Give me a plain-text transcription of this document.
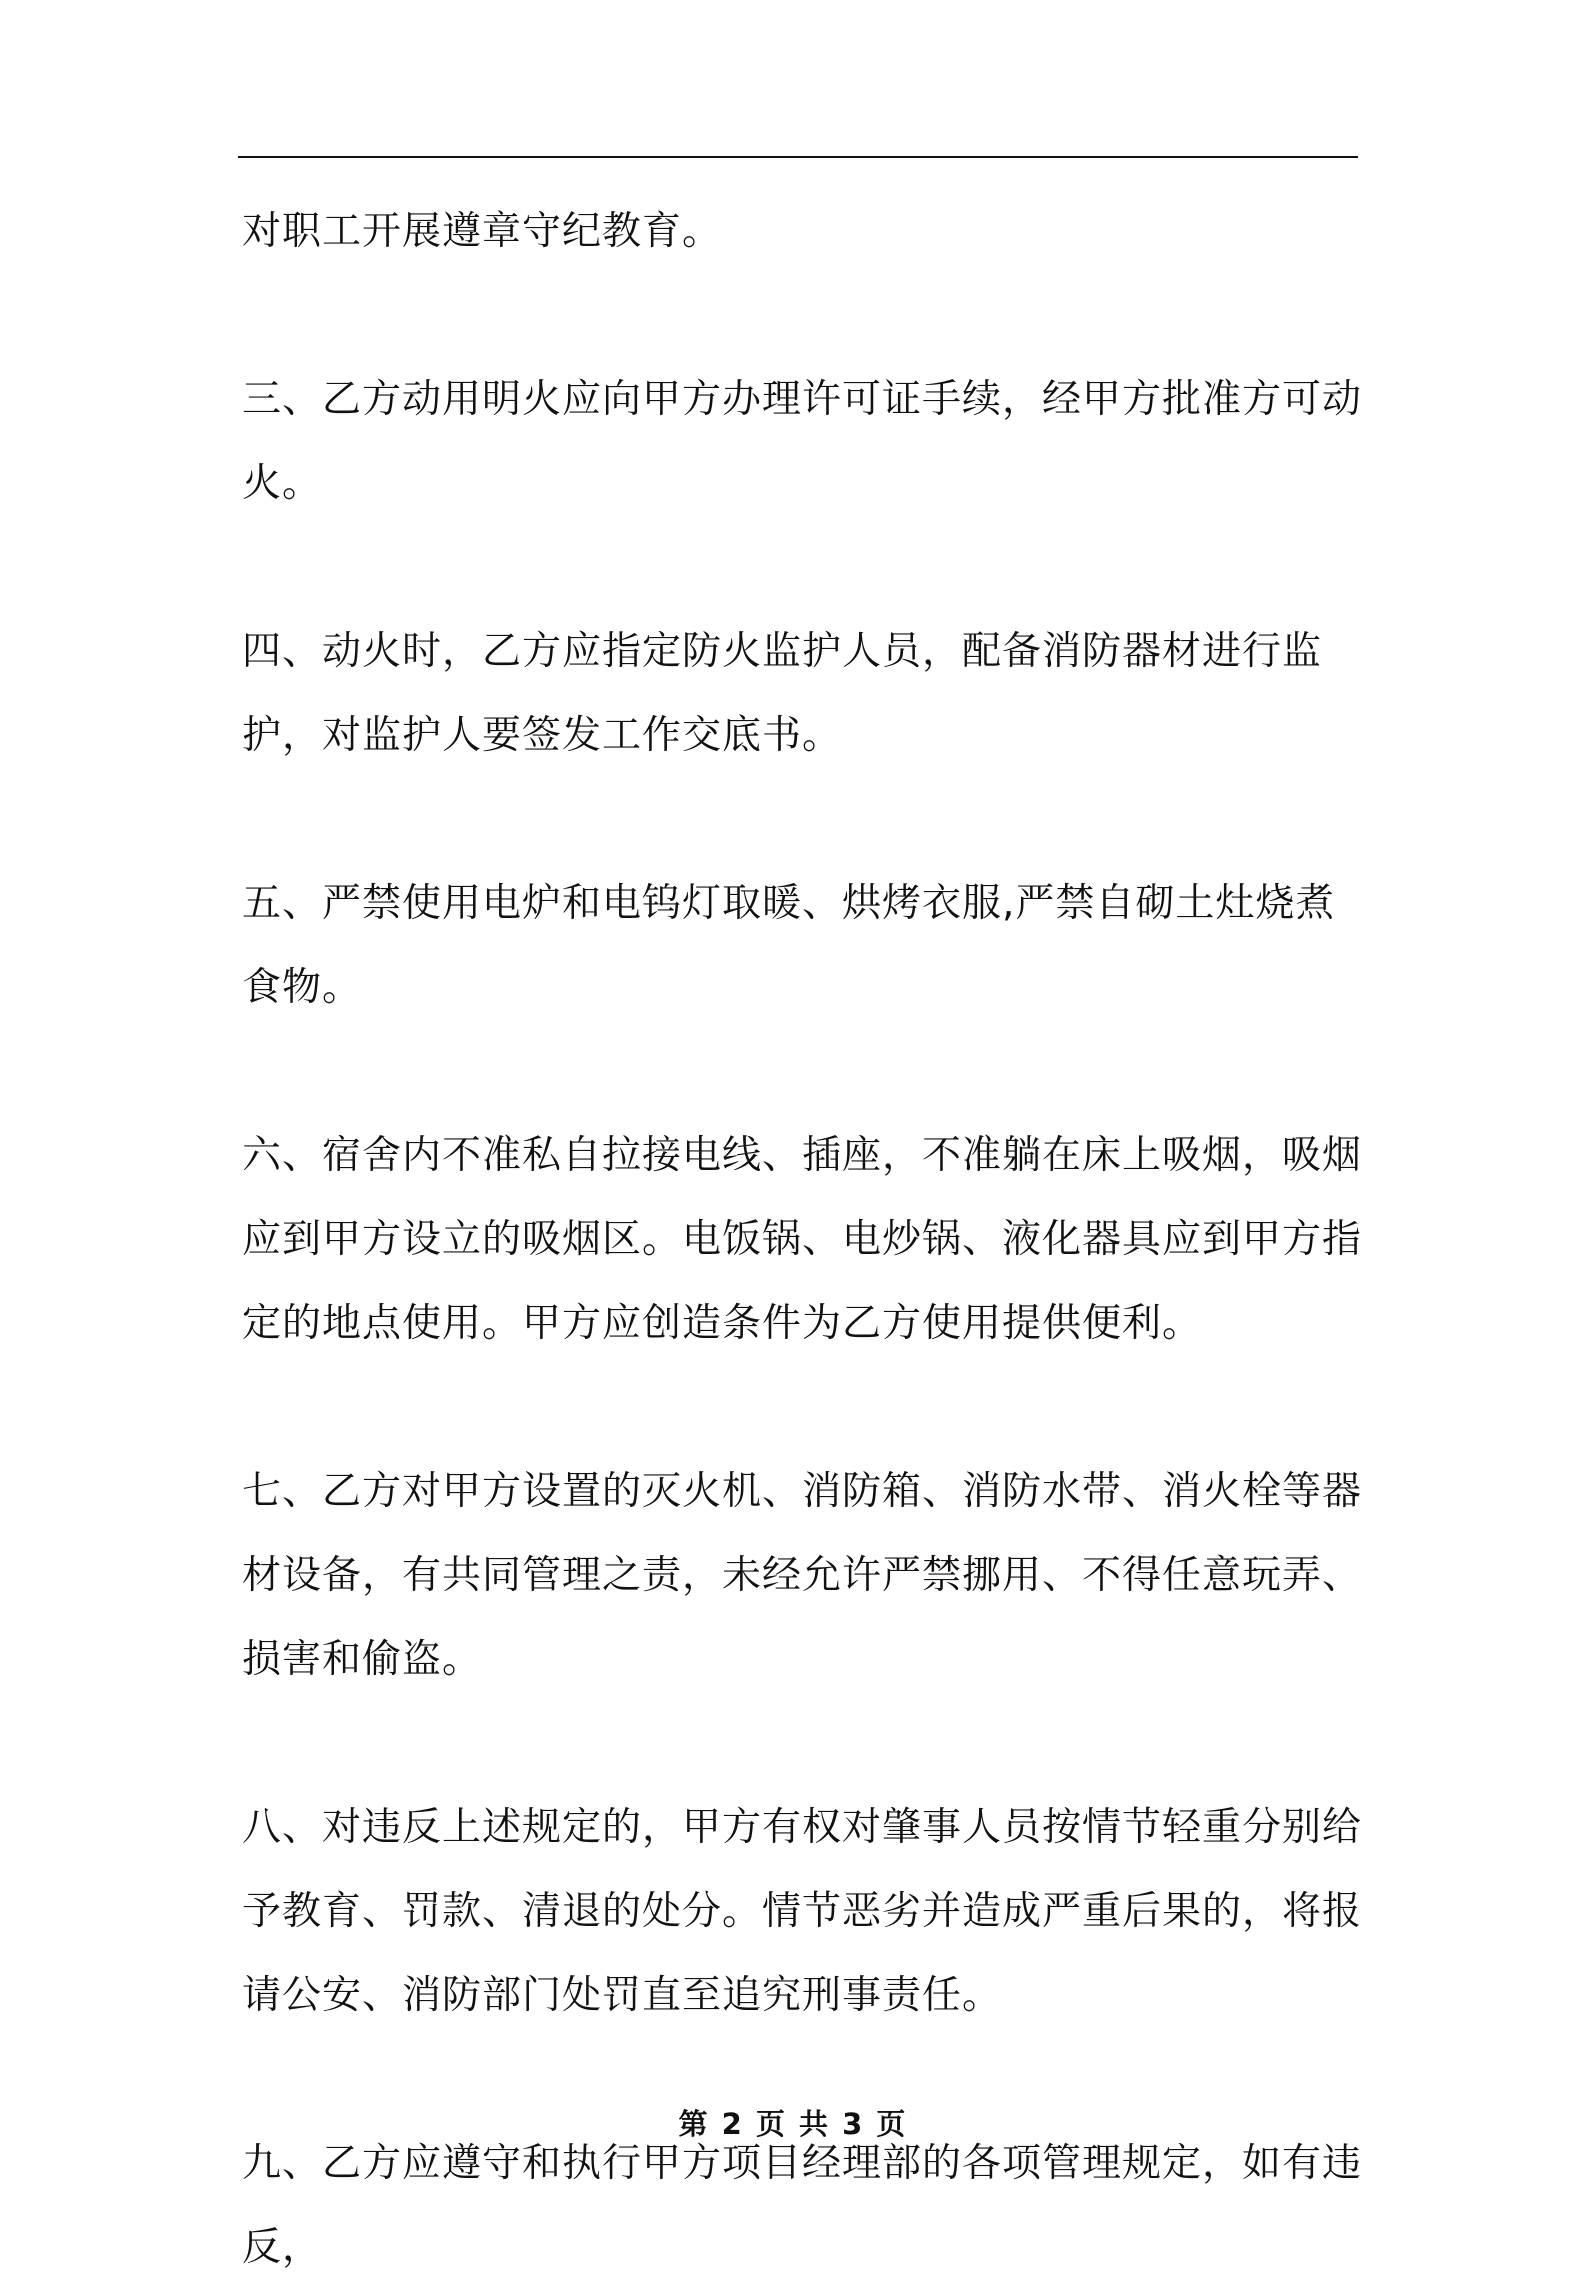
对职工开展遵章守纪教育。

三、乙方动用明火应向甲方办理许可证手续，经甲方批准方可动火。

四、动火时，乙方应指定防火监护人员，配备消防器材进行监护，对监护人要签发工作交底书。

五、严禁使用电炉和电钨灯取暖、烘烤衣服,严禁自砌土灶烧煮食物。

六、宿舍内不准私自拉接电线、插座，不准躺在床上吸烟，吸烟应到甲方设立的吸烟区。电饭锅、电炒锅、液化器具应到甲方指定的地点使用。甲方应创造条件为乙方使用提供便利。

七、乙方对甲方设置的灭火机、消防箱、消防水带、消火栓等器材设备，有共同管理之责，未经允许严禁挪用、不得任意玩弄、损害和偷盗。

八、对违反上述规定的，甲方有权对肇事人员按情节轻重分别给予教育、罚款、清退的处分。情节恶劣并造成严重后果的，将报请公安、消防部门处罚直至追究刑事责任。

九、乙方应遵守和执行甲方项目经理部的各项管理规定，如有违反，

第 2 页 共 3 页
